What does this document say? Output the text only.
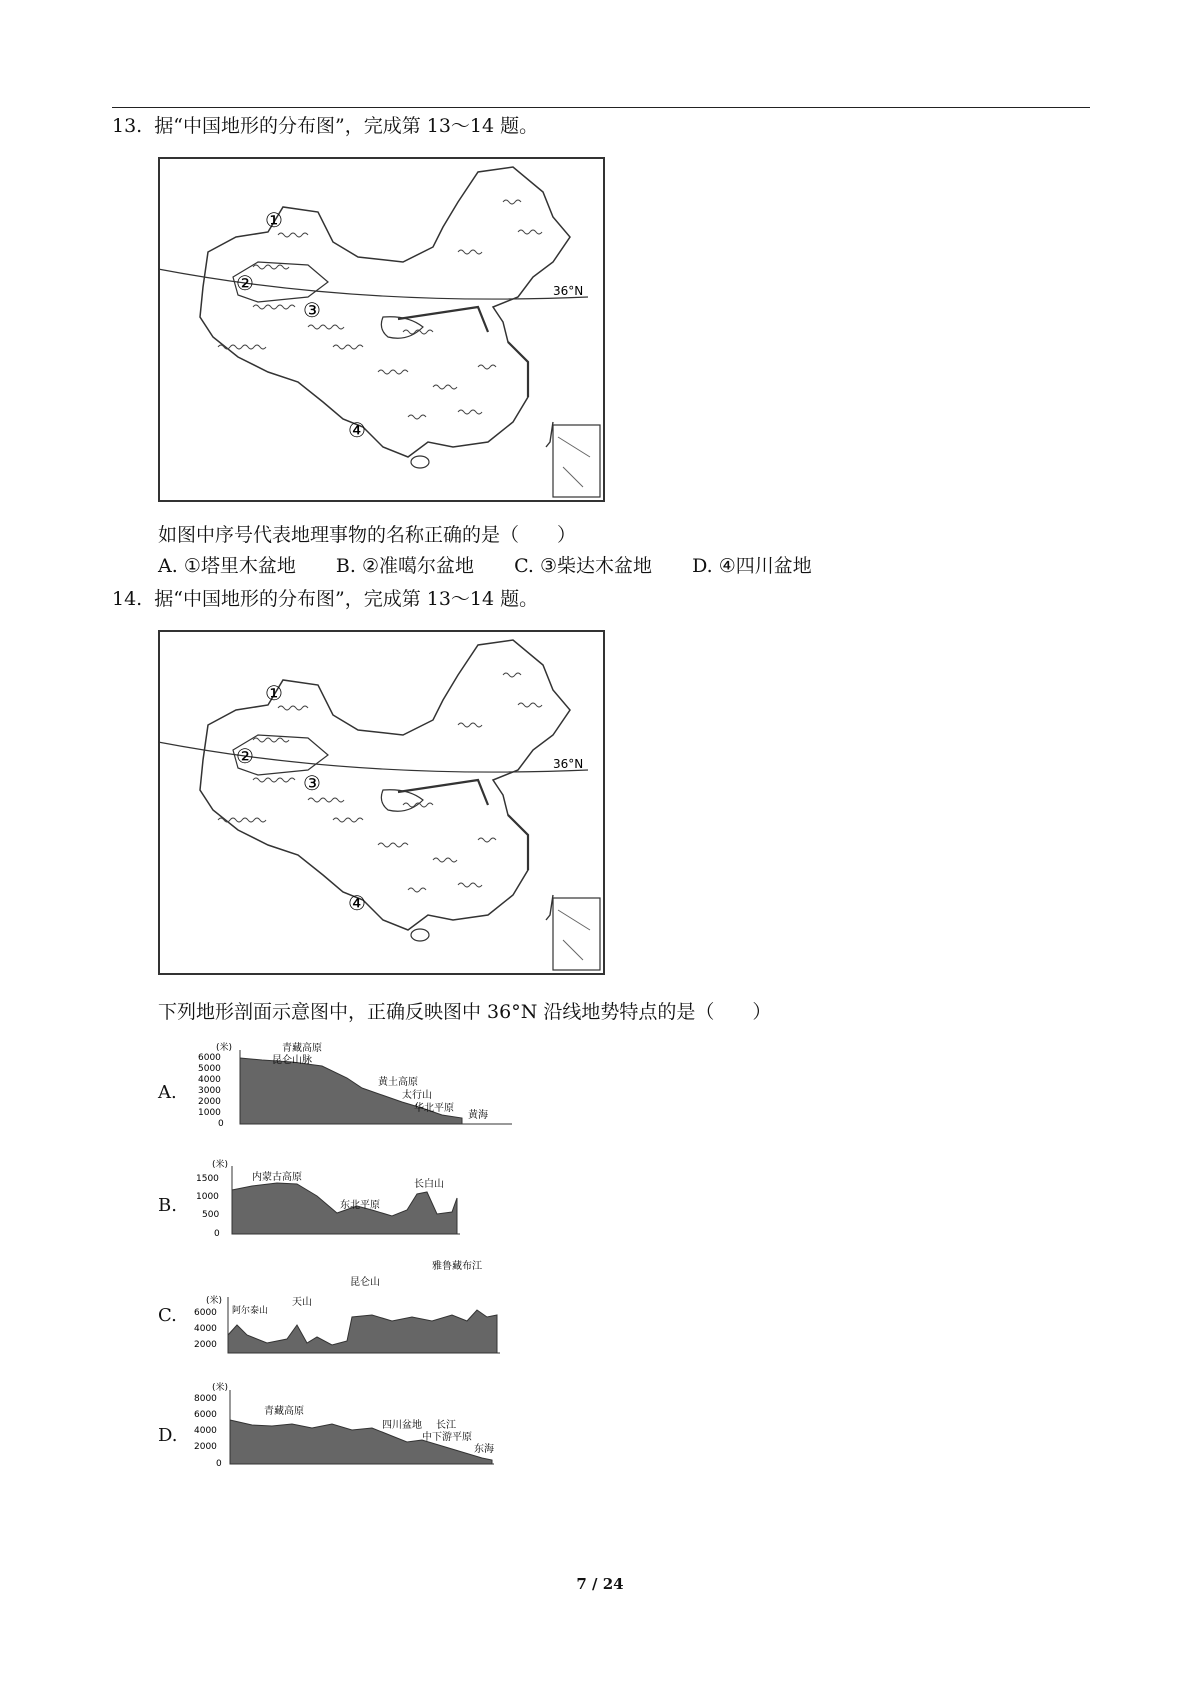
13. 据“中国地形的分布图”，完成第 13～14 题。
①
②
③
④
36°N
如图中序号代表地理事物的名称正确的是（　　）
A. ①塔里木盆地 B. ②准噶尔盆地 C. ③柴达木盆地 D. ④四川盆地
14. 据“中国地形的分布图”，完成第 13～14 题。
①
②
③
④
36°N
下列地形剖面示意图中，正确反映图中 36°N 沿线地势特点的是（　　）
A.
(米)
6000
5000
4000
3000
2000
1000
0
青藏高原
昆仑山脉
黄土高原
太行山
华北平原
黄海
B.
(米)
1500
1000
500
0
内蒙古高原
东北平原
长白山
C.
(米)
6000
4000
2000
阿尔泰山
天山
昆仑山
雅鲁藏布江
D.
(米)
8000
6000
4000
2000
0
青藏高原
四川盆地 长江
中下游平原
东海
7 / 24
